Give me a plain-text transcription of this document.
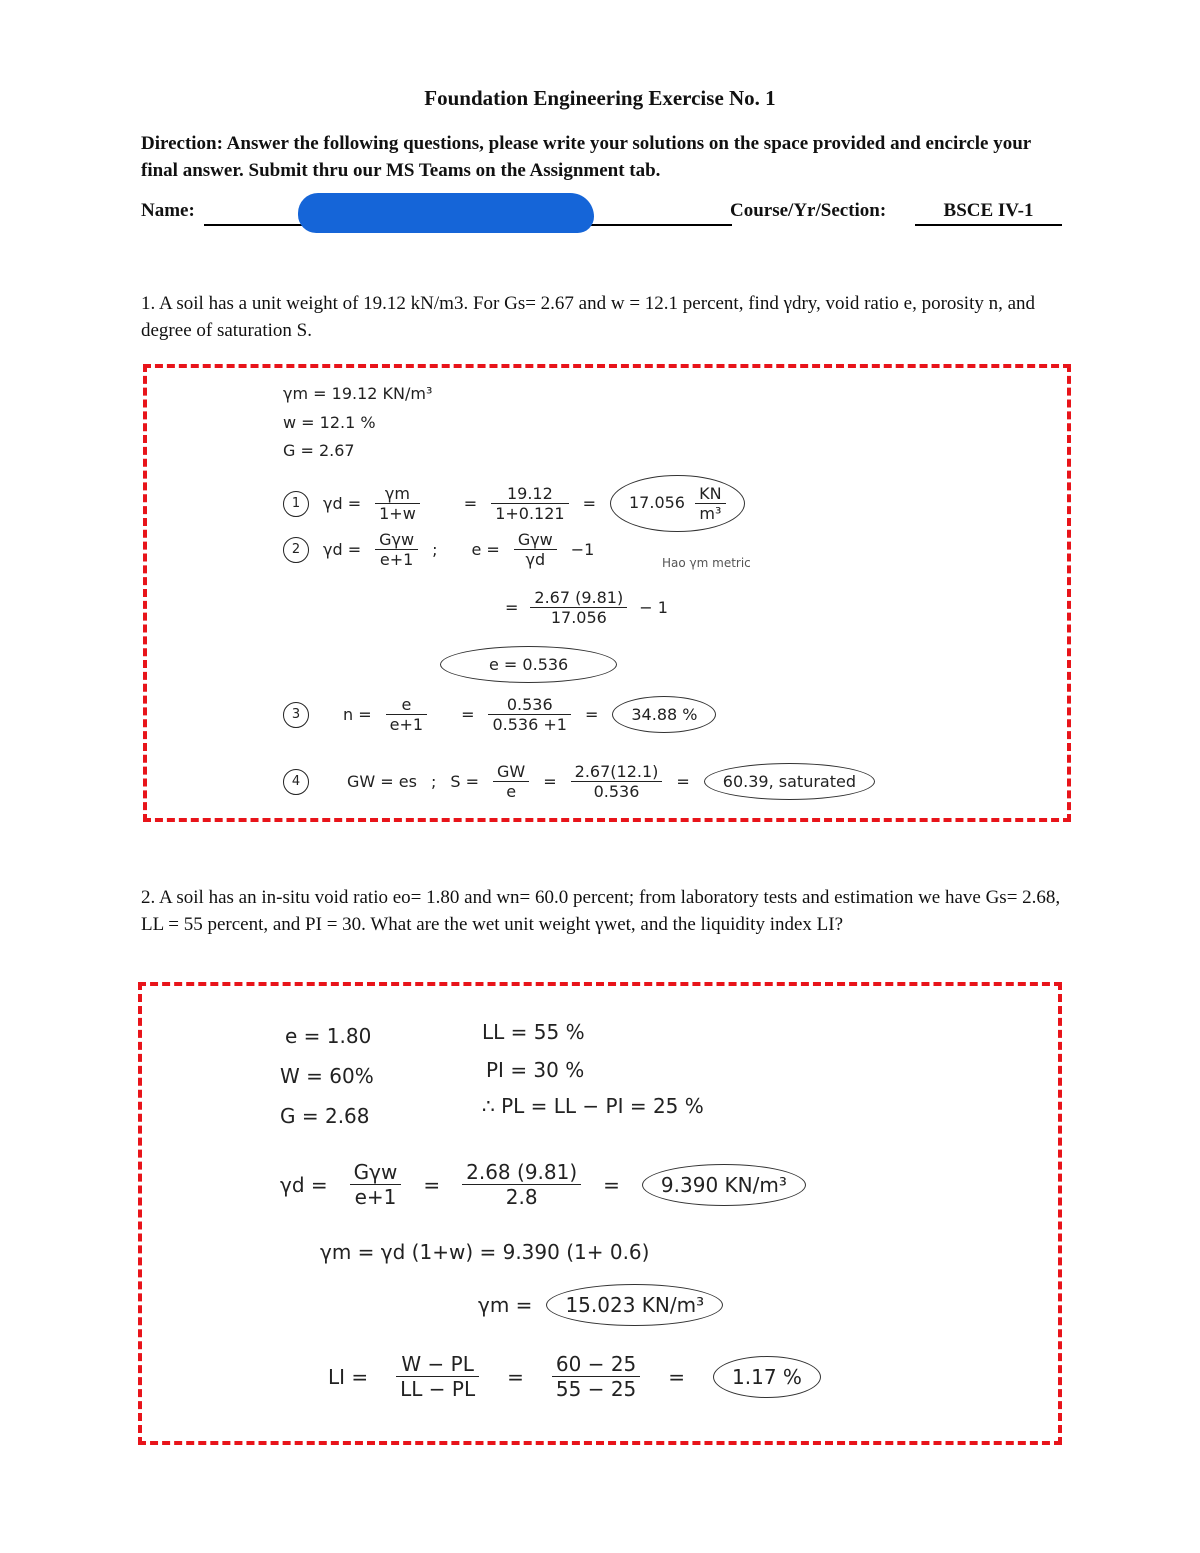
Foundation Engineering Exercise No. 1
Direction: Answer the following questions, please write your solutions on the space provided and encircle your final answer. Submit thru our MS Teams on the Assignment tab.
Name:	Course/Yr/Section:	BSCE IV-1
1. A soil has a unit weight of 19.12 kN/m3. For Gs= 2.67 and w = 12.1 percent, find γdry, void ratio e, porosity n, and degree of saturation S.
γm = 19.12 KN/m³
w = 12.1 %
G = 2.67
1	$\gamma d = \frac{\gamma m}{1+w}$	= $\frac{19.12}{1+0.121}$ =	$17.056 \frac{KN}{\text{m³}}$
2	$\gamma d = \frac{\text{Gγw}}{e+1}$ ; $e = \frac{\text{Gγw}}{\gamma d} -1$
Hao γm metric
= $\frac{2.67 (9.81)}{17.056} - 1$
e = 0.536
3	$n = \frac{e}{e+1} = \frac{0.536}{0.536 +1}$ =	34.88 %
4	GW = es ; $S = \frac{GW}{e} = \frac{2.67(12.1)}{0.536}$ =	60.39, saturated
2. A soil has an in-situ void ratio eo= 1.80 and wn= 60.0 percent; from laboratory tests and estimation we have Gs= 2.68, LL = 55 percent, and PI = 30. What are the wet unit weight γwet, and the liquidity index LI?
e = 1.80
W = 60%
G = 2.68
LL = 55 %
PI = 30 %
∴ PL = LL − PI = 25 %
$\gamma d = \frac{\text{Gγw}}{e+1} = \frac{2.68 (9.81)}{2.8}$ =	9.390 KN/m³
γm = γd (1+w) = 9.390 (1+ 0.6)
γm =	15.023 KN/m³
LI = $\frac{W - PL}{LL - PL} = \frac{60 - 25}{55 - 25}$ =	1.17 %
